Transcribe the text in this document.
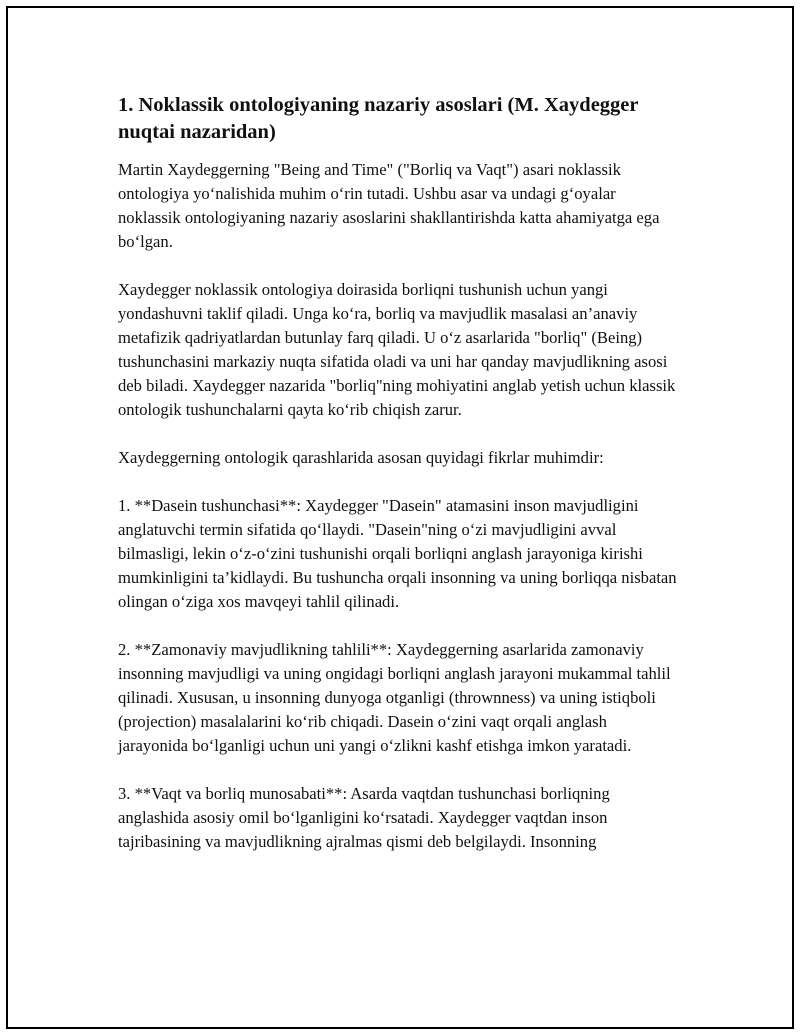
1. Noklassik ontologiyaning nazariy asoslari (M. Xaydegger nuqtai nazaridan)

Martin Xaydeggerning "Being and Time" ("Borliq va Vaqt") asari noklassik ontologiya yo‘nalishida muhim o‘rin tutadi. Ushbu asar va undagi g‘oyalar noklassik ontologiyaning nazariy asoslarini shakllantirishda katta ahamiyatga ega bo‘lgan.

Xaydegger noklassik ontologiya doirasida borliqni tushunish uchun yangi yondashuvni taklif qiladi. Unga ko‘ra, borliq va mavjudlik masalasi an’anaviy metafizik qadriyatlardan butunlay farq qiladi. U o‘z asarlarida "borliq" (Being) tushunchasini markaziy nuqta sifatida oladi va uni har qanday mavjudlikning asosi deb biladi. Xaydegger nazarida "borliq"ning mohiyatini anglab yetish uchun klassik ontologik tushunchalarni qayta ko‘rib chiqish zarur.

Xaydeggerning ontologik qarashlarida asosan quyidagi fikrlar muhimdir:

1. **Dasein tushunchasi**: Xaydegger "Dasein" atamasini inson mavjudligini anglatuvchi termin sifatida qo‘llaydi. "Dasein"ning o‘zi mavjudligini avval bilmasligi, lekin o‘z-o‘zini tushunishi orqali borliqni anglash jarayoniga kirishi mumkinligini ta’kidlaydi. Bu tushuncha orqali insonning va uning borliqqa nisbatan olingan o‘ziga xos mavqeyi tahlil qilinadi.

2. **Zamonaviy mavjudlikning tahlili**: Xaydeggerning asarlarida zamonaviy insonning mavjudligi va uning ongidagi borliqni anglash jarayoni mukammal tahlil qilinadi. Xususan, u insonning dunyoga otganligi (thrownness) va uning istiqboli (projection) masalalarini ko‘rib chiqadi. Dasein o‘zini vaqt orqali anglash jarayonida bo‘lganligi uchun uni yangi o‘zlikni kashf etishga imkon yaratadi.

3. **Vaqt va borliq munosabati**: Asarda vaqtdan tushunchasi borliqning anglashida asosiy omil bo‘lganligini ko‘rsatadi. Xaydegger vaqtdan inson tajribasining va mavjudlikning ajralmas qismi deb belgilaydi. Insonning
